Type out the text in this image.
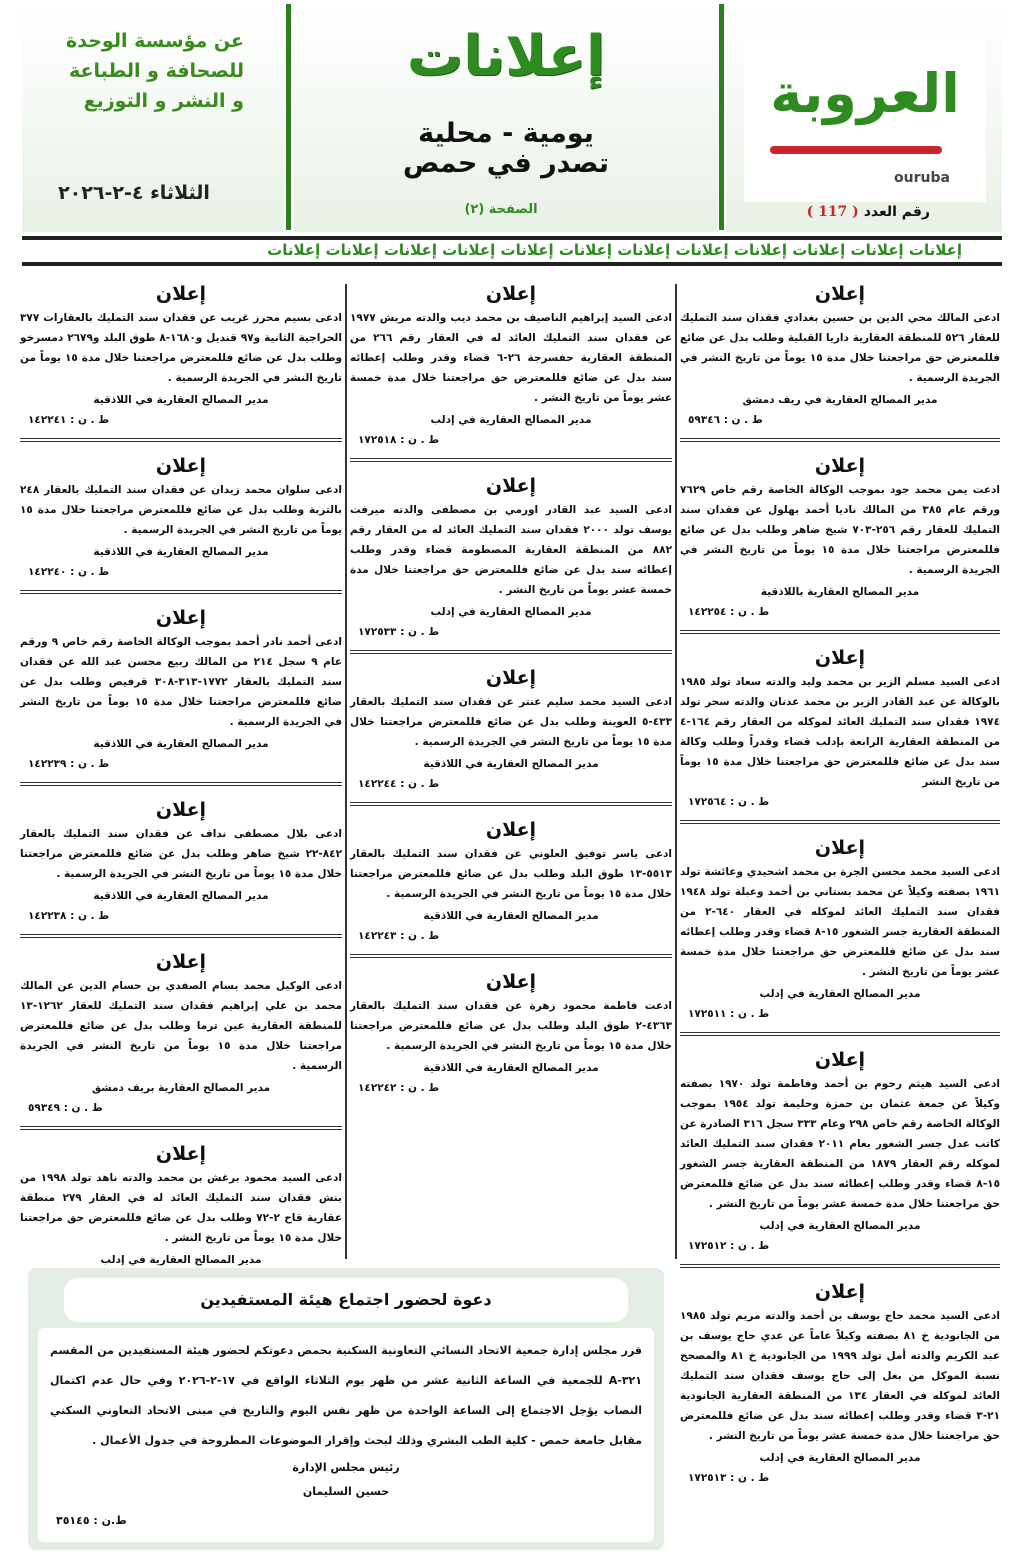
عن مؤسسة الوحدة
للصحافة و الطباعة
و النشر و التوزيع
الثلاثاء ٤-٢-٢٠٢٦
إعلانات
يومية - محلية
تصدر في حمص
الصفحة (٢)
العروبة
ouruba
رقم العدد ( 117 )
إعلانات إعلانات إعلانات إعلانات إعلانات إعلانات إعلانات إعلانات إعلانات إعلانات إعلانات إعلانات
إعلان
ادعى المالك محي الدين بن حسين بغدادي فقدان سند التمليك للعقار ٥٢٦ للمنطقة العقارية داريا القبلية وطلب بدل عن ضائع فللمعترض حق مراجعتنا خلال مدة ١٥ يوماً من تاريخ النشر في الجريدة الرسمية .
مدير المصالح العقارية في ريف دمشق
ط . ن : ٥٩٣٤٦
إعلان
ادعت يمن محمد جود بموجب الوكالة الخاصة رقم خاص ٧٦٢٩ ورقم عام ٣٨٥ من المالك ناديا أحمد بهلول عن فقدان سند التمليك للعقار رقم ٢٥٦-٧٠٣ شيخ ضاهر وطلب بدل عن ضائع فللمعترض مراجعتنا خلال مدة ١٥ يوماً من تاريخ النشر في الجريدة الرسمية .
مدير المصالح العقارية باللاذقية
ط . ن : ١٤٢٢٥٤
إعلان
ادعى السيد مسلم الزير بن محمد وليد والدته سعاد تولد ١٩٨٥ بالوكالة عن عبد القادر الزير بن محمد عدنان والدته سحر تولد ١٩٧٤ فقدان سند التمليك العائد لموكله من العقار رقم ١٦٤-٤ من المنطقة العقارية الرابعة بإدلب قضاء وقدراً وطلب وكالة سند بدل عن ضائع فللمعترض حق مراجعتنا خلال مدة ١٥ يوماً من تاريخ النشر
ط . ن : ١٧٢٥٦٤
إعلان
ادعى السيد محمد محسن الجرة بن محمد اشحيدي وعائشة تولد ١٩٦١ بصفته وكيلاً عن محمد بستاني بن أحمد وعبلة تولد ١٩٤٨ فقدان سند التمليك العائد لموكله في العقار ٦٤٠-٢ من المنطقة العقارية جسر الشغور ١٥-٨ قضاء وقدر وطلب إعطائه سند بدل عن ضائع فللمعترض حق مراجعتنا خلال مدة خمسة عشر يوماً من تاريخ النشر .
مدير المصالح العقارية في إدلب
ط . ن : ١٧٢٥١١
إعلان
ادعى السيد هيثم رحوم بن أحمد وفاطمة تولد ١٩٧٠ بصفته وكيلاً عن جمعة عثمان بن حمزة وحليمة تولد ١٩٥٤ بموجب الوكالة الخاصة رقم خاص ٢٩٨ وعام ٣٣٣ سجل ٣١٦ الصادرة عن كاتب عدل جسر الشغور بعام ٢٠١١ فقدان سند التمليك العائد لموكله رقم العقار ١٨٧٩ من المنطقة العقارية جسر الشغور ١٥-٨ قضاء وقدر وطلب إعطائه سند بدل عن ضائع فللمعترض حق مراجعتنا خلال مدة خمسة عشر يوماً من تاريخ النشر .
مدير المصالح العقارية في إدلب
ط . ن : ١٧٢٥١٢
إعلان
ادعى السيد محمد حاج يوسف بن أحمد والدته مريم تولد ١٩٨٥ من الجانودية خ ٨١ بصفته وكيلاً عاماً عن عدي حاج يوسف بن عبد الكريم والدته أمل تولد ١٩٩٩ من الجانودية خ ٨١ والمصحح نسبة الموكل من بغل إلى حاج يوسف فقدان سند التمليك العائد لموكله في العقار ١٣٤ من المنطقة العقارية الجانودية ٢١-٣ قضاء وقدر وطلب إعطائه سند بدل عن ضائع فللمعترض حق مراجعتنا خلال مدة خمسة عشر يوماً من تاريخ النشر .
مدير المصالح العقارية في إدلب
ط . ن : ١٧٢٥١٣
إعلان
ادعى السيد إبراهيم الناصيف بن محمد ديب والدته مريش ١٩٧٧ عن فقدان سند التمليك العائد له في العقار رقم ٢٦٦ من المنطقة العقارية حفسرجة ٢٦-٦ قضاء وقدر وطلب إعطائه سند بدل عن ضائع فللمعترض حق مراجعتنا خلال مدة خمسة عشر يوماً من تاريخ النشر .
مدير المصالح العقارية في إدلب
ط . ن : ١٧٢٥١٨
إعلان
ادعى السيد عبد القادر اورمي بن مصطفى والدته ميرفت يوسف تولد ٢٠٠٠ فقدان سند التمليك العائد له من العقار رقم ٨٨٢ من المنطقة العقارية المصطومة قضاء وقدر وطلب إعطائه سند بدل عن ضائع فللمعترض حق مراجعتنا خلال مدة خمسة عشر يوماً من تاريخ النشر .
مدير المصالح العقارية في إدلب
ط . ن : ١٧٢٥٣٣
إعلان
ادعى السيد محمد سليم عنتر عن فقدان سند التمليك بالعقار ٤٣٣-٥ العوينة وطلب بدل عن ضائع فللمعترض مراجعتنا خلال مدة ١٥ يوماً من تاريخ النشر في الجريدة الرسمية .
مدير المصالح العقارية في اللاذقية
ط . ن : ١٤٢٢٤٤
إعلان
ادعى ياسر توفيق العلوني عن فقدان سند التمليك بالعقار ٥٥١٣-١٣ طوق البلد وطلب بدل عن ضائع فللمعترض مراجعتنا خلال مدة ١٥ يوماً من تاريخ النشر في الجريدة الرسمية .
مدير المصالح العقارية في اللاذقية
ط . ن : ١٤٢٢٤٣
إعلان
ادعت فاطمة محمود زهرة عن فقدان سند التمليك بالعقار ٤٣٦٣-٢ طوق البلد وطلب بدل عن ضائع فللمعترض مراجعتنا خلال مدة ١٥ يوماً من تاريخ النشر في الجريدة الرسمية .
مدير المصالح العقارية في اللاذقية
ط . ن : ١٤٢٢٤٢
إعلان
ادعى بسيم محرز غريب عن فقدان سند التمليك بالعقارات ٣٧٧ الحراجية الثانية و٩٧ قنديل و١٦٨٠-٨ طوق البلد و٢٦٧٩ دمسرخو وطلب بدل عن ضائع فللمعترض مراجعتنا خلال مدة ١٥ يوماً من تاريخ النشر في الجريدة الرسمية .
مدير المصالح العقارية في اللاذقية
ط . ن : ١٤٢٢٤١
إعلان
ادعى سلوان محمد زيدان عن فقدان سند التمليك بالعقار ٢٤٨ بالتربة وطلب بدل عن ضائع فللمعترض مراجعتنا خلال مدة ١٥ يوماً من تاريخ النشر في الجريدة الرسمية .
مدير المصالح العقارية في اللاذقية
ط . ن : ١٤٢٢٤٠
إعلان
ادعى أحمد نادر أحمد بموجب الوكالة الخاصة رقم خاص ٩ ورقم عام ٩ سجل ٢١٤ من المالك ربيع محسن عبد الله عن فقدان سند التمليك بالعقار ١٧٧٢-٣١٣-٣٠٨ قرفيص وطلب بدل عن ضائع فللمعترض مراجعتنا خلال مدة ١٥ يوماً من تاريخ النشر في الجريدة الرسمية .
مدير المصالح العقارية في اللاذقية
ط . ن : ١٤٢٢٣٩
إعلان
ادعى بلال مصطفى نداف عن فقدان سند التمليك بالعقار ٨٤٢-٢٢ شيخ ضاهر وطلب بدل عن ضائع فللمعترض مراجعتنا خلال مدة ١٥ يوماً من تاريخ النشر في الجريدة الرسمية .
مدير المصالح العقارية في اللاذقية
ط . ن : ١٤٢٢٣٨
إعلان
ادعى الوكيل محمد بسام الصفدي بن حسام الدين عن المالك محمد بن علي إبراهيم فقدان سند التمليك للعقار ١٢٦٢-١٣ للمنطقة العقارية عين ترما وطلب بدل عن ضائع فللمعترض مراجعتنا خلال مدة ١٥ يوماً من تاريخ النشر في الجريدة الرسمية .
مدير المصالح العقارية بريف دمشق
ط . ن : ٥٩٣٤٩
إعلان
ادعى السيد محمود برغش بن محمد والدته ناهد تولد ١٩٩٨ من بنش فقدان سند التمليك العائد له في العقار ٢٧٩ منطقة عقارية قاح ٢-٧٢ وطلب بدل عن ضائع فللمعترض حق مراجعتنا خلال مدة ١٥ يوماً من تاريخ النشر .
مدير المصالح العقارية في إدلب
دعوة لحضور اجتماع هيئة المستفيدين
قرر مجلس إدارة جمعية الاتحاد النسائي التعاونية السكنية بحمص دعوتكم لحضور هيئة المستفيدين من المقسم ٣٢١-A للجمعية في الساعة الثانية عشر من ظهر يوم الثلاثاء الواقع في ١٧-٢-٢٠٢٦ وفي حال عدم اكتمال النصاب يؤجل الاجتماع إلى الساعة الواحدة من ظهر نفس اليوم والتاريخ في مبنى الاتحاد التعاوني السكني مقابل جامعة حمص - كلية الطب البشري وذلك لبحث وإقرار الموضوعات المطروحة في جدول الأعمال .
رئيس مجلس الإدارة
حسين السليمان
ط.ن : ٣٥١٤٥
